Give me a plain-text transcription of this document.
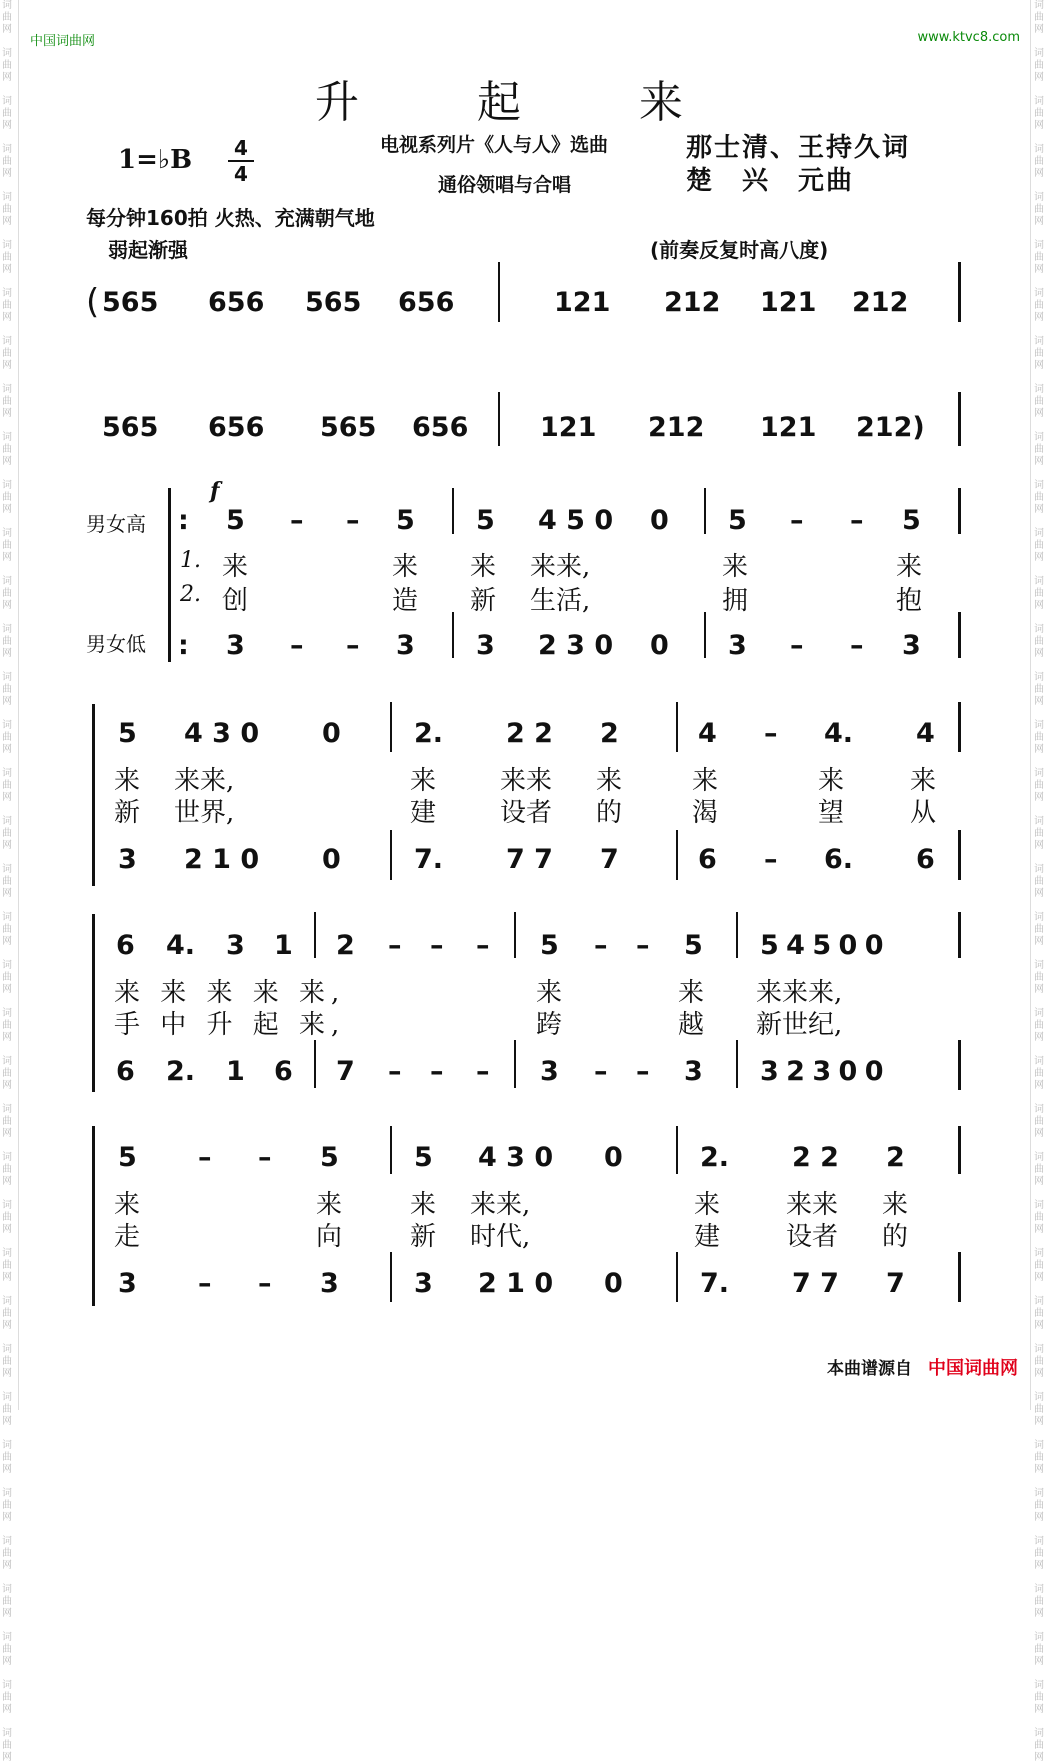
词
曲
网

词
曲
网

词
曲
网

词
曲
网

词
曲
网

词
曲
网

词
曲
网

词
曲
网

词
曲
网

词
曲
网

词
曲
网

词
曲
网

词
曲
网

词
曲
网

词
曲
网

词
曲
网

词
曲
网

词
曲
网

词
曲
网

词
曲
网

词
曲
网

词
曲
网

词
曲
网

词
曲
网

词
曲
网

词
曲
网

词
曲
网

词
曲
网

词
曲
网

词
曲
网

词
曲
网

词
曲
网

词
曲
网

词
曲
网

词
曲
网

词
曲
网

词
曲
网

词
曲
网

词
曲
网

词
曲
网

词
曲
网

词
曲
网

词
曲
网

词
曲
网

词
曲
网

词
曲
网

词
曲
网

词
曲
网

词
曲
网

词
曲
网

词
曲
网

词
曲
网

词
曲
网

词
曲
网

词
曲
网

词
曲
网

词
曲
网

词
曲
网

词
曲
网

词
曲
网

词
曲
网

词
曲
网

词
曲
网

词
曲
网

词
曲
网

词
曲
网

词
曲
网

词
曲
网

词
曲
网

词
曲
网

词
曲
网

词
曲
网

词
曲
网

词
曲
网

中国词曲网	www.ktvc8.com
升 起 来
1=♭B	4
4
电视系列片《人与人》选曲	那士清、王持久词
通俗领唱与合唱	楚　兴　元曲
每分钟160拍 火热、充满朝气地
弱起渐强	(前奏反复时高八度)
( 565 656 565 656	121 212 121 212
565 656 565 656	121 212 121 212)
男女高
男女低
f
1.
2.
:
:
5 – – 5 5 4 5 0 0 5 – – 5
来	来 来 来来,	来	来
创	造 新 生活,	拥	抱
3 – – 3 3 2 3 0 0 3 – – 3
5 4 3 0 0	2. 2 2 2	4 – 4. 4
来 来来,	来 来来 来	来	来	来
新 世界,	建 设者 的	渴	望	从
3 2 1 0 0	7. 7 7 7	6 – 6. 6
6 4. 3 1 2 – – – 5 – – 5 5 4 5 0 0
来 来 来 来 来,	来	来 来来来,
手 中 升 起 来,	跨	越 新世纪,
6 2. 1 6 7 – – – 3 – – 3 3 2 3 0 0
5 – – 5	5 4 3 0 0	2. 2 2 2
来	来	来 来来,	来	来来 来
走	向	新 时代,	建	设者 的
3 – – 3	3 2 1 0 0	7. 7 7 7
本曲谱源自 中国词曲网
